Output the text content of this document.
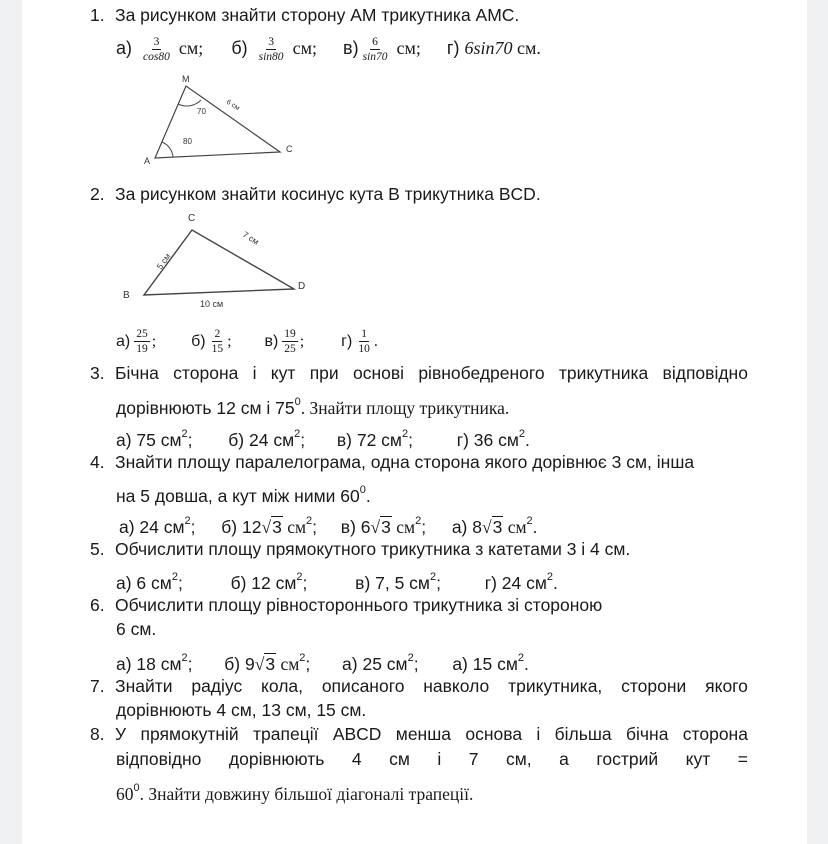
1. За рисунком знайти сторону АМ трикутника АМС.
$а) \frac{3}{\cos 80}$ см; $б) \frac{3}{\sin 80}$ см; $в) \frac{6}{\sin 70}$ см; г) 6sin70 см.
M
A
C
70
80
6 см
2. За рисунком знайти косинус кута В трикутника BCD.
C
B
D
5 см
7 см
10 см
$а) \frac{25}{19}$ ; $б) \frac{2}{15}$ ; $в) \frac{19}{25}$ ; $г) \frac{1}{10}$ .
3. Бічна сторона і кут при основі рівнобедреного трикутника відповідно
дорівнюють 12 см і $75^0$. Знайти площу трикутника.
а) 75 $см^2$; б) 24 $см^2$; в) 72 $см^2$;	г) 36 $см^2$.
4. Знайти площу паралелограма, одна сторона якого дорівнює 3 см, інша
на 5 довша, а кут між ними $60^0$.
а) 24 $см^2$; б) 12√3 $см^2$; в) 6√3 $см^2$; а) 8√3 $см^2$.
5. Обчислити площу прямокутного трикутника з катетами 3 і 4 см.
а) 6 $см^2$;	б) 12 $см^2$;	в) 7, 5 $см^2$;	г) 24 $см^2$.
6. Обчислити площу рівностороннього трикутника зі стороною
6 см.
а) 18 $см^2$; б) 9√3 $см^2$; а) 25 $см^2$; а) 15 $см^2$.
7. Знайти радіус кола, описаного навколо трикутника, сторони якого
дорівнюють 4 см, 13 см, 15 см.
8. У прямокутній трапеції ABCD менша основа і більша бічна сторона
відповідно дорівнюють 4 см і 7 см, а гострий кут =
$60^0$. Знайти довжину більшої діагоналі трапеції.
